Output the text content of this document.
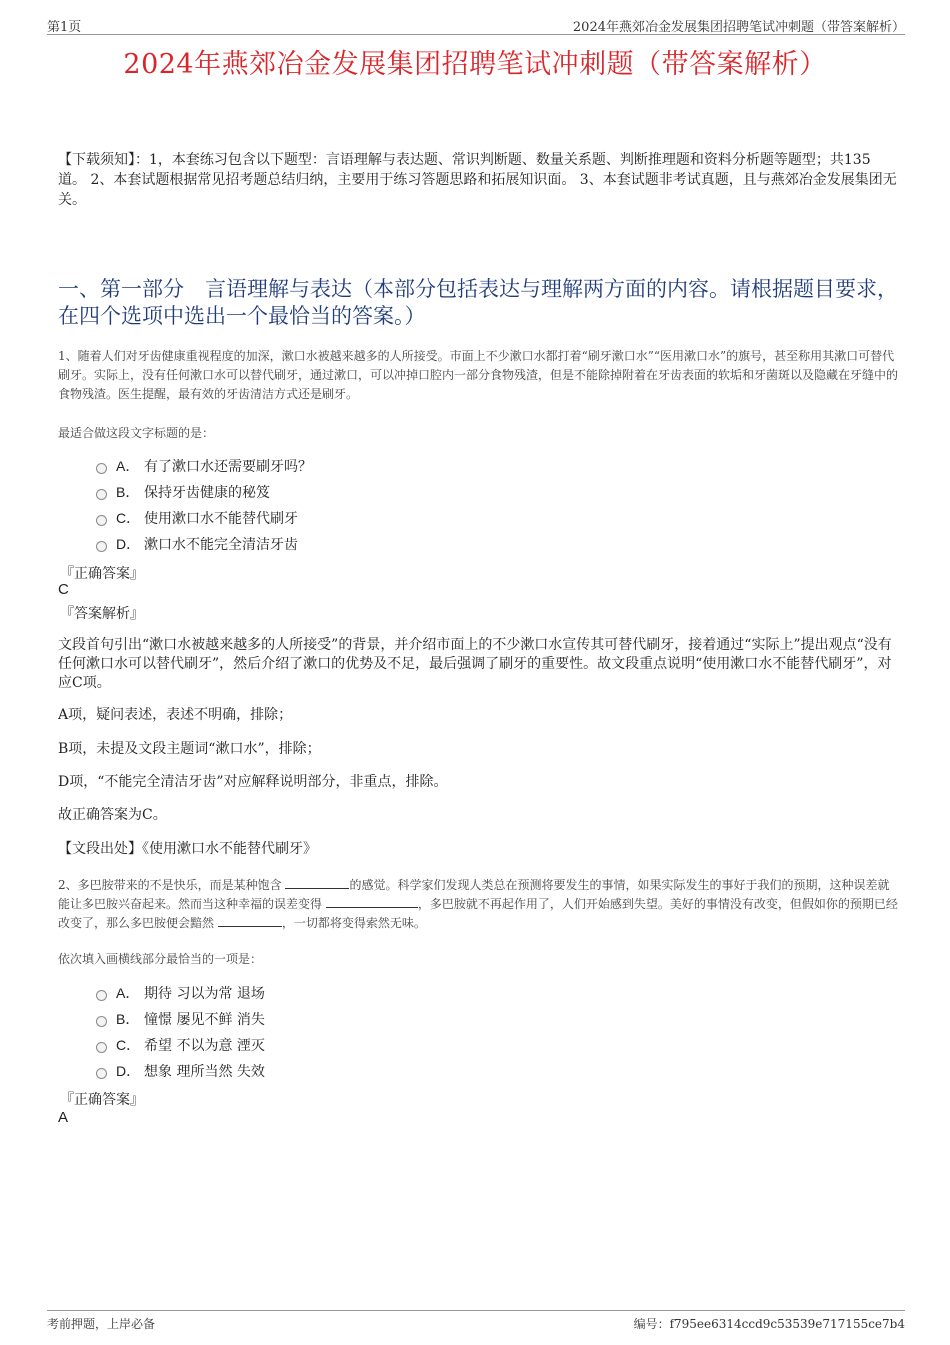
第1页	2024年燕郊冶金发展集团招聘笔试冲刺题（带答案解析）
2024年燕郊冶金发展集团招聘笔试冲刺题（带答案解析）
【下载须知】：1，本套练习包含以下题型：言语理解与表达题、常识判断题、数量关系题、判断推理题和资料分析题等题型；共135道。 2、本套试题根据常见招考题总结归纳，主要用于练习答题思路和拓展知识面。 3、本套试题非考试真题，且与燕郊冶金发展集团无关。
一、第一部分　言语理解与表达（本部分包括表达与理解两方面的内容。请根据题目要求，在四个选项中选出一个最恰当的答案。）
1、随着人们对牙齿健康重视程度的加深，漱口水被越来越多的人所接受。市面上不少漱口水都打着“刷牙漱口水”“医用漱口水”的旗号，甚至称用其漱口可替代刷牙。实际上，没有任何漱口水可以替代刷牙，通过漱口，可以冲掉口腔内一部分食物残渣，但是不能除掉附着在牙齿表面的软垢和牙菌斑以及隐藏在牙缝中的食物残渣。医生提醒，最有效的牙齿清洁方式还是刷牙。
最适合做这段文字标题的是：
A． 有了漱口水还需要刷牙吗？
B． 保持牙齿健康的秘笈
C． 使用漱口水不能替代刷牙
D． 漱口水不能完全清洁牙齿
『正确答案』
C
『答案解析』
文段首句引出“漱口水被越来越多的人所接受”的背景，并介绍市面上的不少漱口水宣传其可替代刷牙，接着通过“实际上”提出观点“没有任何漱口水可以替代刷牙”，然后介绍了漱口的优势及不足，最后强调了刷牙的重要性。故文段重点说明“使用漱口水不能替代刷牙”，对应C项。
A项，疑问表述，表述不明确，排除；
B项，未提及文段主题词“漱口水”，排除；
D项，“不能完全清洁牙齿”对应解释说明部分，非重点，排除。
故正确答案为C。
【文段出处】《使用漱口水不能替代刷牙》
2、多巴胺带来的不是快乐，而是某种饱含	的感觉。科学家们发现人类总在预测将要发生的事情，如果实际发生的事好于我们的预期，这种误差就能让多巴胺兴奋起来。然而当这种幸福的误差变得	，多巴胺就不再起作用了，人们开始感到失望。美好的事情没有改变，但假如你的预期已经改变了，那么多巴胺便会黯然	，一切都将变得索然无味。
依次填入画横线部分最恰当的一项是：
A． 期待 习以为常 退场
B． 憧憬 屡见不鲜 消失
C． 希望 不以为意 湮灭
D． 想象 理所当然 失效
『正确答案』
A
考前押题，上岸必备	编号：f795ee6314ccd9c53539e717155ce7b4
